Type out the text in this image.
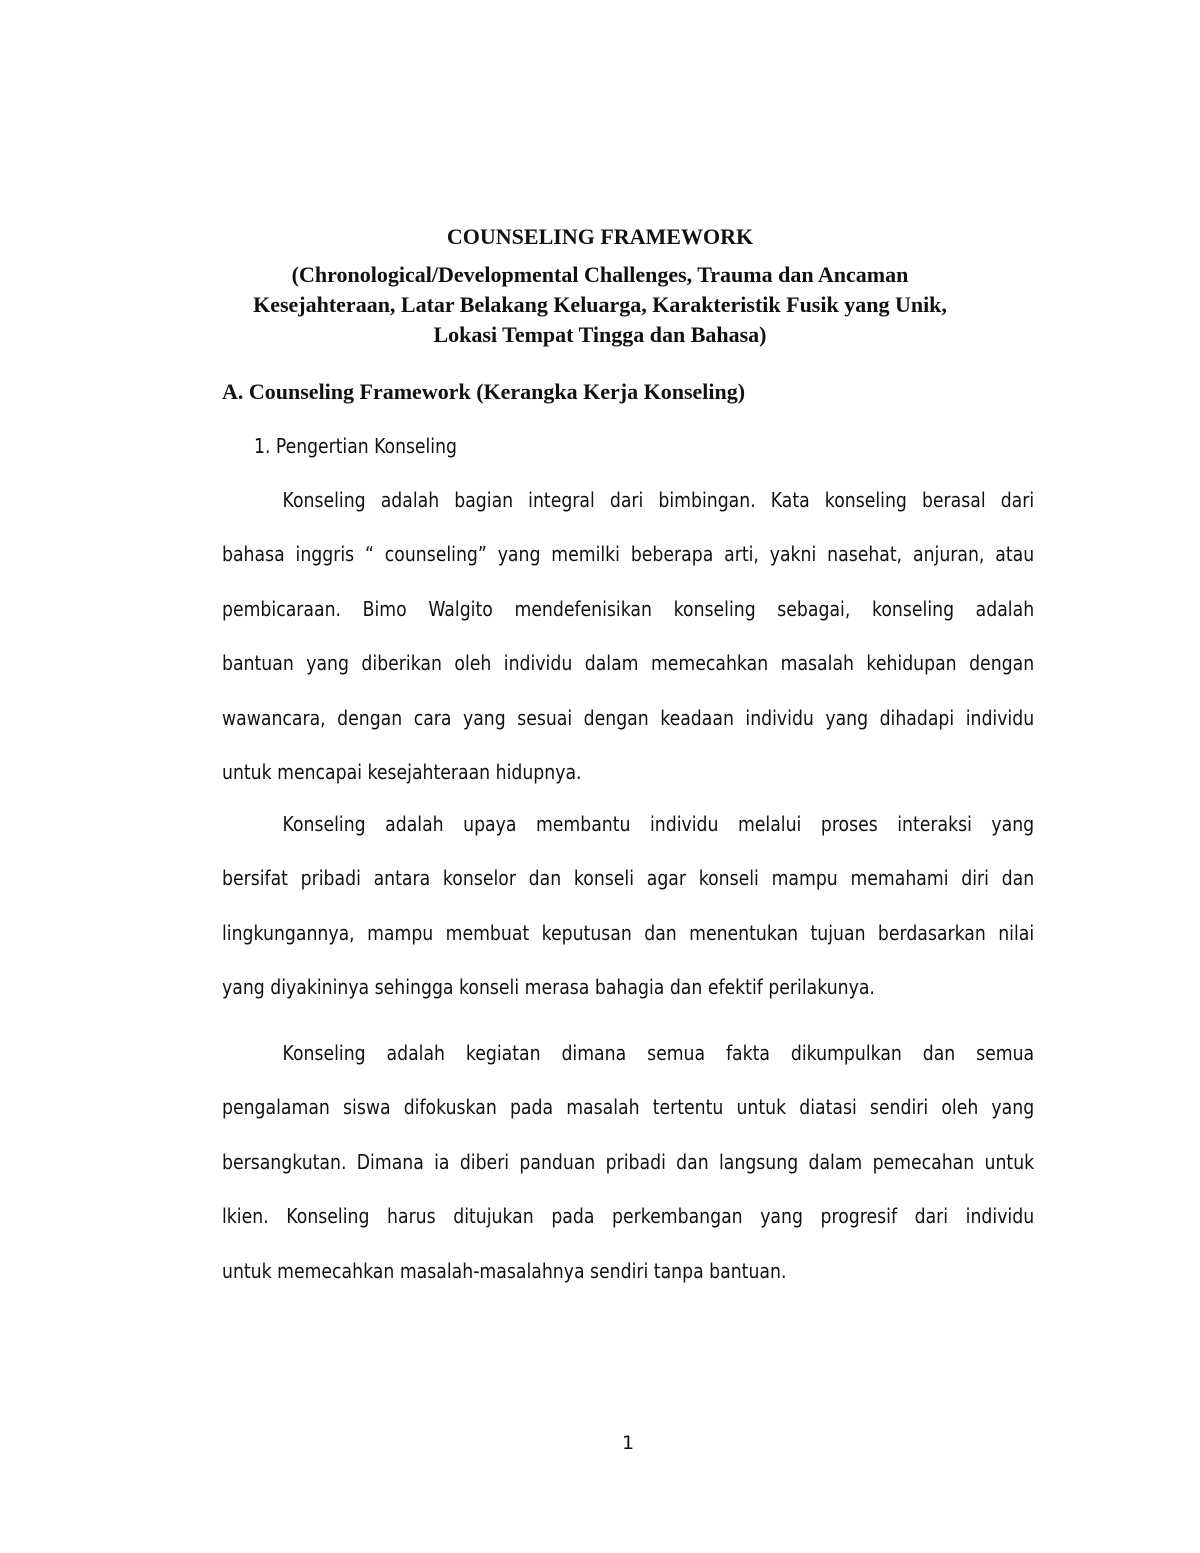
COUNSELING FRAMEWORK
(Chronological/Developmental Challenges, Trauma dan Ancaman
Kesejahteraan, Latar Belakang Keluarga, Karakteristik Fusik yang Unik,
Lokasi Tempat Tingga dan Bahasa)
A. Counseling Framework (Kerangka Kerja Konseling)

1. Pengertian Konseling

Konseling adalah bagian integral dari bimbingan. Kata konseling berasal dari
bahasa inggris “ counseling” yang memilki beberapa arti, yakni nasehat, anjuran, atau
pembicaraan. Bimo Walgito mendefenisikan konseling sebagai, konseling adalah
bantuan yang diberikan oleh individu dalam memecahkan masalah kehidupan dengan
wawancara, dengan cara yang sesuai dengan keadaan individu yang dihadapi individu
untuk mencapai kesejahteraan hidupnya.
Konseling adalah upaya membantu individu melalui proses interaksi yang
bersifat pribadi antara konselor dan konseli agar konseli mampu memahami diri dan
lingkungannya, mampu membuat keputusan dan menentukan tujuan berdasarkan nilai
yang diyakininya sehingga konseli merasa bahagia dan efektif perilakunya.
Konseling adalah kegiatan dimana semua fakta dikumpulkan dan semua
pengalaman siswa difokuskan pada masalah tertentu untuk diatasi sendiri oleh yang
bersangkutan. Dimana ia diberi panduan pribadi dan langsung dalam pemecahan untuk
lkien. Konseling harus ditujukan pada perkembangan yang progresif dari individu
untuk memecahkan masalah-masalahnya sendiri tanpa bantuan.

1
